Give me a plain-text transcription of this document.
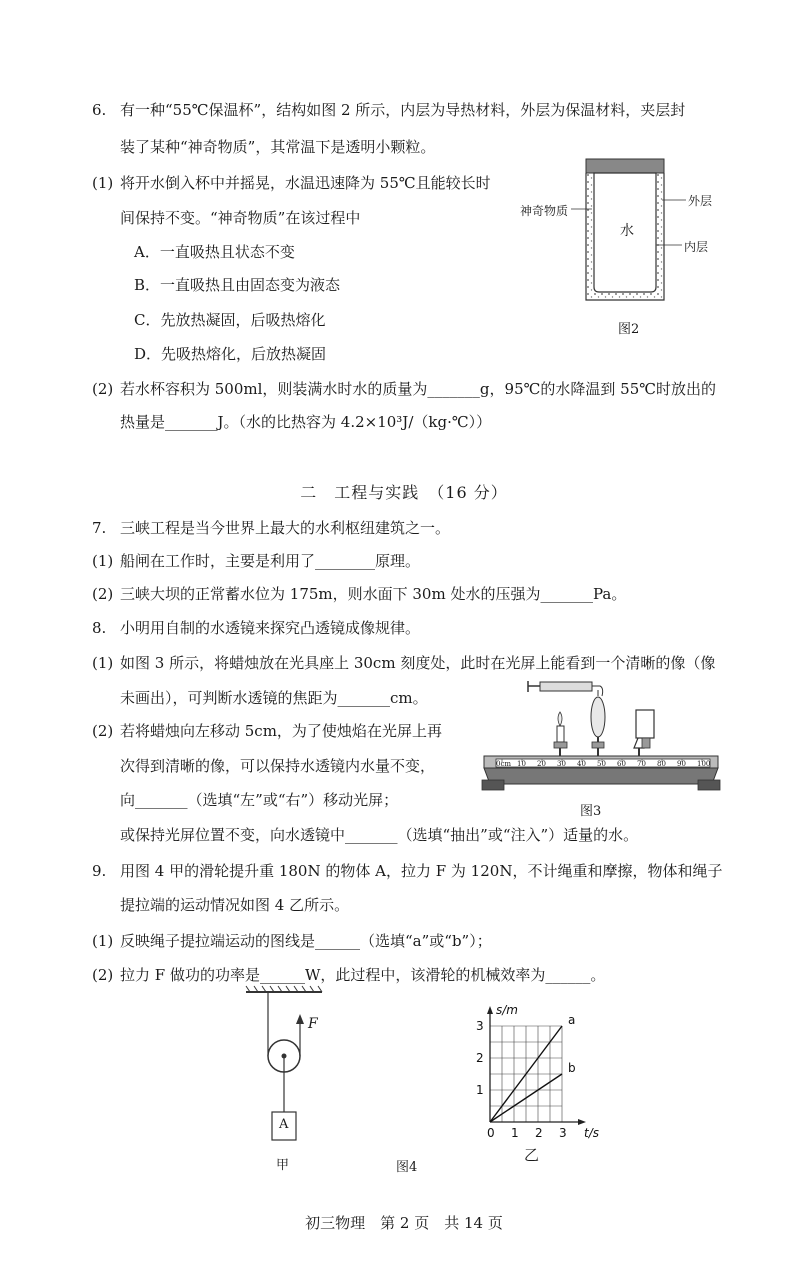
6. 有一种“55℃保温杯”，结构如图 2 所示，内层为导热材料，外层为保温材料，夹层封
装了某种“神奇物质”，其常温下是透明小颗粒。
(1) 将开水倒入杯中并摇晃，水温迅速降为 55℃且能较长时
间保持不变。“神奇物质”在该过程中
A．一直吸热且状态不变
B．一直吸热且由固态变为液态
C．先放热凝固，后吸热熔化
D．先吸热熔化，后放热凝固
(2) 若水杯容积为 500ml，则装满水时水的质量为_______g，95℃的水降温到 55℃时放出的
热量是_______J。（水的比热容为 4.2×10³J/（kg·℃））
神奇物质
水
外层
内层
图2
二　工程与实践　（16 分）
7. 三峡工程是当今世界上最大的水利枢纽建筑之一。
(1) 船闸在工作时，主要是利用了________原理。
(2) 三峡大坝的正常蓄水位为 175m，则水面下 30m 处水的压强为_______Pa。
8. 小明用自制的水透镜来探究凸透镜成像规律。
(1) 如图 3 所示，将蜡烛放在光具座上 30cm 刻度处，此时在光屏上能看到一个清晰的像（像
未画出），可判断水透镜的焦距为_______cm。
(2) 若将蜡烛向左移动 5cm，为了使烛焰在光屏上再
次得到清晰的像，可以保持水透镜内水量不变，
向_______（选填“左”或“右”）移动光屏；
或保持光屏位置不变，向水透镜中_______（选填“抽出”或“注入”）适量的水。
0cm 10 20 30 40 50 60 70 80 90 100
图3
9. 用图 4 甲的滑轮提升重 180N 的物体 A，拉力 F 为 120N，不计绳重和摩擦，物体和绳子
提拉端的运动情况如图 4 乙所示。
(1) 反映绳子提拉端运动的图线是______（选填“a”或“b”）；
(2) 拉力 F 做功的功率是______W，此过程中，该滑轮的机械效率为______。
F
A
甲	图4
a
b
0 1 2 3
1
2
3
t/s
s/m
乙
初三物理　第 2 页　共 14 页
